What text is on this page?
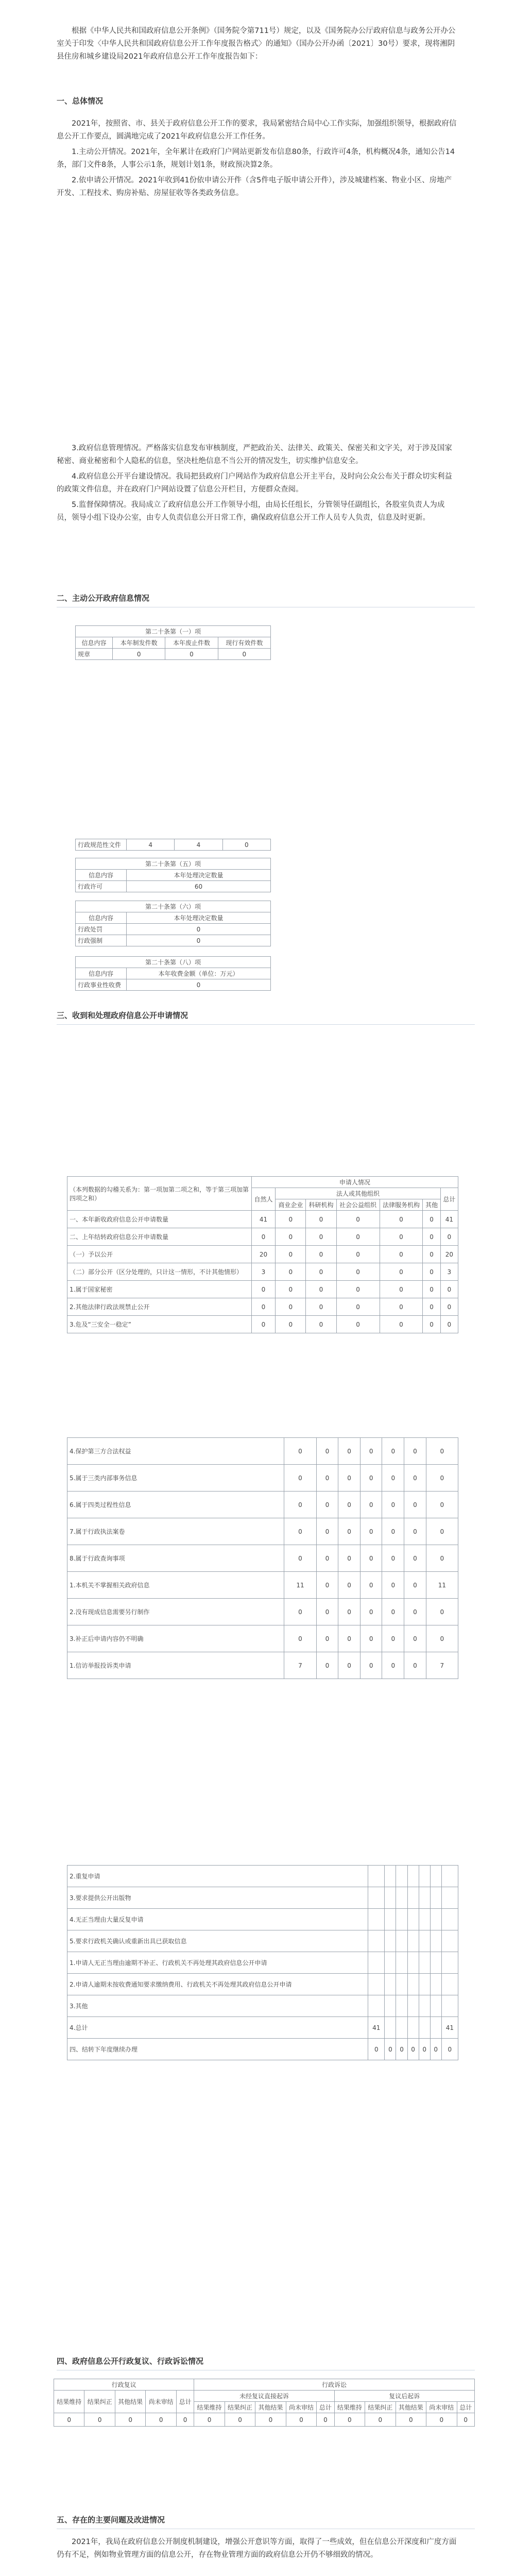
根据《中华人民共和国政府信息公开条例》（国务院令第711号）规定，以及《国务院办公厅政府信息与政务公开办公室关于印发〈中华人民共和国政府信息公开工作年度报告格式〉的通知》（国办公开办函〔2021〕30号）要求，现将湘阴县住房和城乡建设局2021年政府信息公开工作年度报告如下：

一、总体情况

2021年，按照省、市、县关于政府信息公开工作的要求，我局紧密结合局中心工作实际，加强组织领导，根据政府信息公开工作要点，圆满地完成了2021年政府信息公开工作任务。

1.主动公开情况。2021年，全年累计在政府门户网站更新发布信息80条，行政许可4条，机构概况4条，通知公告14条，部门文件8条，人事公示1条，规划计划1条，财政预决算2条。

2.依申请公开情况。2021年收到41份依申请公开件（含5件电子版申请公开件），涉及城建档案、物业小区、房地产开发、工程技术、购房补贴、房屋征收等各类政务信息。

3.政府信息管理情况。严格落实信息发布审核制度，严把政治关、法律关、政策关、保密关和文字关，对于涉及国家秘密、商业秘密和个人隐私的信息，坚决杜绝信息不当公开的情况发生，切实维护信息安全。

4.政府信息公开平台建设情况。我局把县政府门户网站作为政府信息公开主平台，及时向公众公布关于群众切实利益的政策文件信息，并在政府门户网站设置了信息公开栏目，方便群众查阅。

5.监督保障情况。我局成立了政府信息公开工作领导小组，由局长任组长，分管领导任副组长，各股室负责人为成员，领导小组下设办公室，由专人负责信息公开日常工作，确保政府信息公开工作人员专人负责，信息及时更新。

二、主动公开政府信息情况

第二十条第（一）项			
信息内容	本年制发件数	本年废止件数	现行有效件数
规章	0	0	0
行政规范性文件	4	4	0
第二十条第（五）项	
信息内容	本年处理决定数量
行政许可	60
第二十条第（六）项	
信息内容	本年处理决定数量
行政处罚	0
行政强制	0
第二十条第（八）项	
信息内容	本年收费金额（单位：万元）
行政事业性收费	0

三、收到和处理政府信息公开申请情况

（本列数据的勾稽关系为：第一项加第二项之和，等于第三项加第四项之和）	申请人情况						
	自然人	法人或其他组织					总计
		商业企业	科研机构	社会公益组织	法律服务机构	其他	
一、本年新收政府信息公开申请数量	41	0	0	0	0	0	41
二、上年结转政府信息公开申请数量	0	0	0	0	0	0	0
（一）予以公开	20	0	0	0	0	0	20
（二）部分公开（区分处理的，只计这一情形，不计其他情形）	3	0	0	0	0	0	3
1.属于国家秘密	0	0	0	0	0	0	0
2.其他法律行政法规禁止公开	0	0	0	0	0	0	0
3.危及“三安全一稳定”	0	0	0	0	0	0	0
4.保护第三方合法权益	0	0	0	0	0	0	0
5.属于三类内部事务信息	0	0	0	0	0	0	0
6.属于四类过程性信息	0	0	0	0	0	0	0
7.属于行政执法案卷	0	0	0	0	0	0	0
8.属于行政查询事项	0	0	0	0	0	0	0
1.本机关不掌握相关政府信息	11	0	0	0	0	0	11
2.没有现成信息需要另行制作	0	0	0	0	0	0	0
3.补正后申请内容仍不明确	0	0	0	0	0	0	0
1.信访举报投诉类申请	7	0	0	0	0	0	7
2.重复申请							
3.要求提供公开出版物							
4.无正当理由大量反复申请							
5.要求行政机关确认或重新出具已获取信息							
1.申请人无正当理由逾期不补正、行政机关不再处理其政府信息公开申请							
2.申请人逾期未按收费通知要求缴纳费用、行政机关不再处理其政府信息公开申请							
3.其他							
4.总计	41						41
四、结转下年度继续办理	0	0	0	0	0	0	0

四、政府信息公开行政复议、行政诉讼情况

行政复议					行政诉讼									
结果维持	结果纠正	其他结果	尚未审结	总计	未经复议直接起诉					复议后起诉				
					结果维持	结果纠正	其他结果	尚未审结	总计	结果维持	结果纠正	其他结果	尚未审结	总计
0	0	0	0	0	0	0	0	0	0	0	0	0	0	0

五、存在的主要问题及改进情况

2021年，我局在政府信息公开制度机制建设，增强公开意识等方面，取得了一些成效，但在信息公开深度和广度方面仍有不足，例如物业管理方面的信息公开，存在物业管理方面的政府信息公开仍不够细致的情况。
